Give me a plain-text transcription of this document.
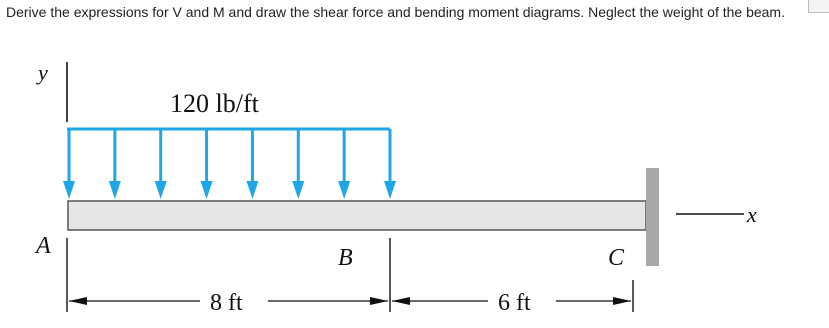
Derive the expressions for V and M and draw the shear force and bending moment diagrams. Neglect the weight of the beam.
y
120 lb/ft
x
A	B	C
8 ft	6 ft
